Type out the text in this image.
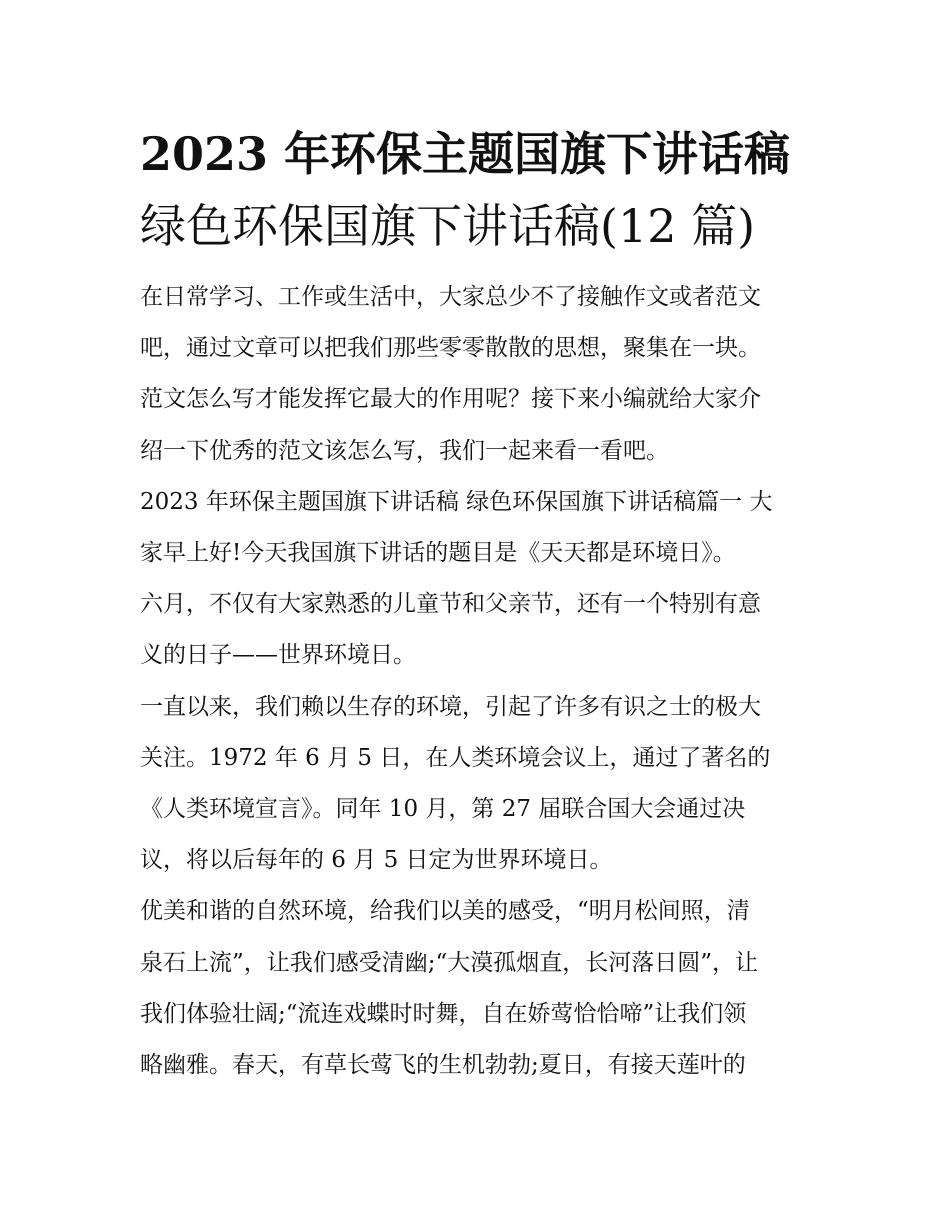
2023 年环保主题国旗下讲话稿
绿色环保国旗下讲话稿(12 篇)
在日常学习、工作或生活中，大家总少不了接触作文或者范文
吧，通过文章可以把我们那些零零散散的思想，聚集在一块。
范文怎么写才能发挥它最大的作用呢？接下来小编就给大家介
绍一下优秀的范文该怎么写，我们一起来看一看吧。
2023 年环保主题国旗下讲话稿 绿色环保国旗下讲话稿篇一 大
家早上好!今天我国旗下讲话的题目是《天天都是环境日》。
六月，不仅有大家熟悉的儿童节和父亲节，还有一个特别有意
义的日子——世界环境日。
一直以来，我们赖以生存的环境，引起了许多有识之士的极大
关注。1972 年 6 月 5 日，在人类环境会议上，通过了著名的
《人类环境宣言》。同年 10 月，第 27 届联合国大会通过决
议，将以后每年的 6 月 5 日定为世界环境日。
优美和谐的自然环境，给我们以美的感受，“明月松间照，清
泉石上流”，让我们感受清幽;“大漠孤烟直，长河落日圆”，让
我们体验壮阔;“流连戏蝶时时舞，自在娇莺恰恰啼”让我们领
略幽雅。春天，有草长莺飞的生机勃勃;夏日，有接天莲叶的
